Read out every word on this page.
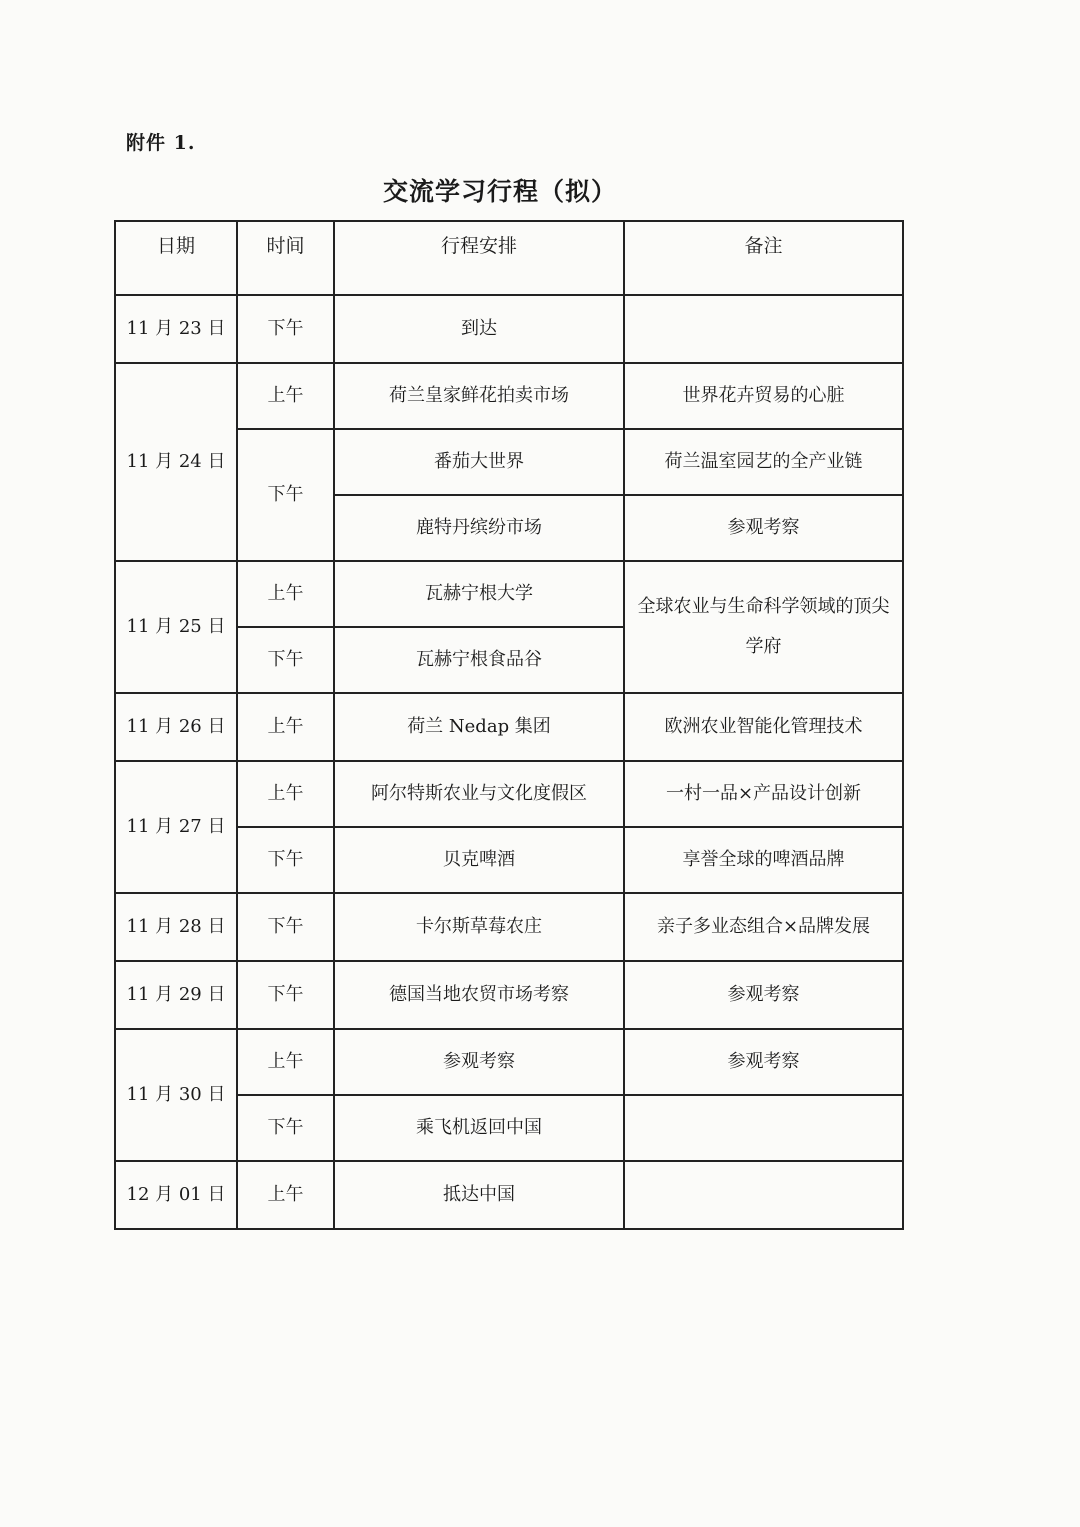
附件 1.
交流学习行程（拟）
日期	时间	行程安排	备注
11 月 23 日	下午	到达	
11 月 24 日	上午	荷兰皇家鲜花拍卖市场	世界花卉贸易的心脏
	下午	番茄大世界	荷兰温室园艺的全产业链
		鹿特丹缤纷市场	参观考察
11 月 25 日	上午	瓦赫宁根大学	全球农业与生命科学领域的顶尖学府
	下午	瓦赫宁根食品谷	
11 月 26 日	上午	荷兰 Nedap 集团	欧洲农业智能化管理技术
11 月 27 日	上午	阿尔特斯农业与文化度假区	一村一品×产品设计创新
	下午	贝克啤酒	享誉全球的啤酒品牌
11 月 28 日	下午	卡尔斯草莓农庄	亲子多业态组合×品牌发展
11 月 29 日	下午	德国当地农贸市场考察	参观考察
11 月 30 日	上午	参观考察	参观考察
	下午	乘飞机返回中国	
12 月 01 日	上午	抵达中国	
